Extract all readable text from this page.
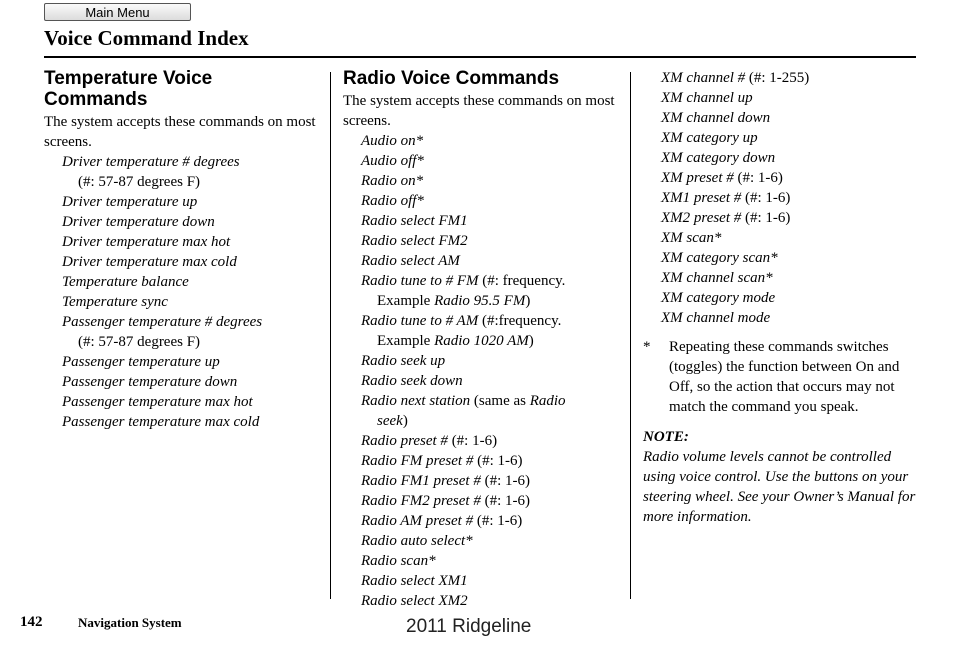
Main Menu
Voice Command Index
Temperature Voice Commands

The system accepts these commands on most screens.

Driver temperature # degrees
(#: 57-87 degrees F)
Driver temperature up
Driver temperature down
Driver temperature max hot
Driver temperature max cold
Temperature balance
Temperature sync
Passenger temperature # degrees
(#: 57-87 degrees F)
Passenger temperature up
Passenger temperature down
Passenger temperature max hot
Passenger temperature max cold
Radio Voice Commands

The system accepts these commands on most screens.

Audio on*
Audio off*
Radio on*
Radio off*
Radio select FM1
Radio select FM2
Radio select AM
Radio tune to # FM (#: frequency.
Example Radio 95.5 FM)
Radio tune to # AM (#:frequency.
Example Radio 1020 AM)
Radio seek up
Radio seek down
Radio next station (same as Radio
seek)
Radio preset # (#: 1-6)
Radio FM preset # (#: 1-6)
Radio FM1 preset # (#: 1-6)
Radio FM2 preset # (#: 1-6)
Radio AM preset # (#: 1-6)
Radio auto select*
Radio scan*
Radio select XM1
Radio select XM2
XM channel # (#: 1-255)
XM channel up
XM channel down
XM category up
XM category down
XM preset # (#: 1-6)
XM1 preset # (#: 1-6)
XM2 preset # (#: 1-6)
XM scan*
XM category scan*
XM channel scan*
XM category mode
XM channel mode
*	Repeating these commands switches (toggles) the function between On and Off, so the action that occurs may not match the command you speak.
NOTE:
Radio volume levels cannot be controlled using voice control. Use the buttons on your steering wheel. See your Owner’s Manual for more information.
142	Navigation System	2011 Ridgeline
